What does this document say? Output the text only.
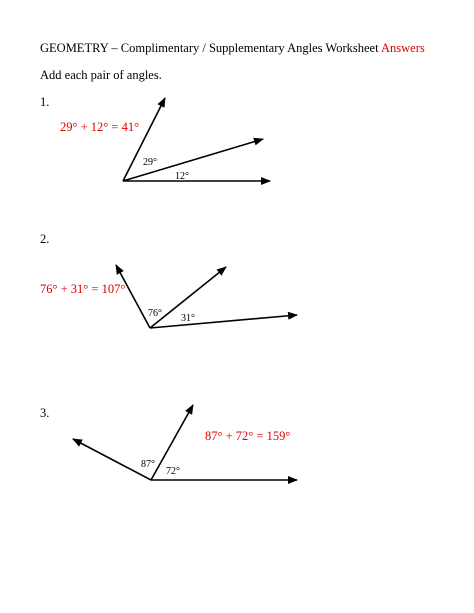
GEOMETRY – Complimentary / Supplementary Angles Worksheet Answers
Add each pair of angles.
1.
29° + 12° = 41°
29°
12°
2.
76° + 31° = 107°
76° 31°
3.
87° + 72° = 159°
87°
72°
